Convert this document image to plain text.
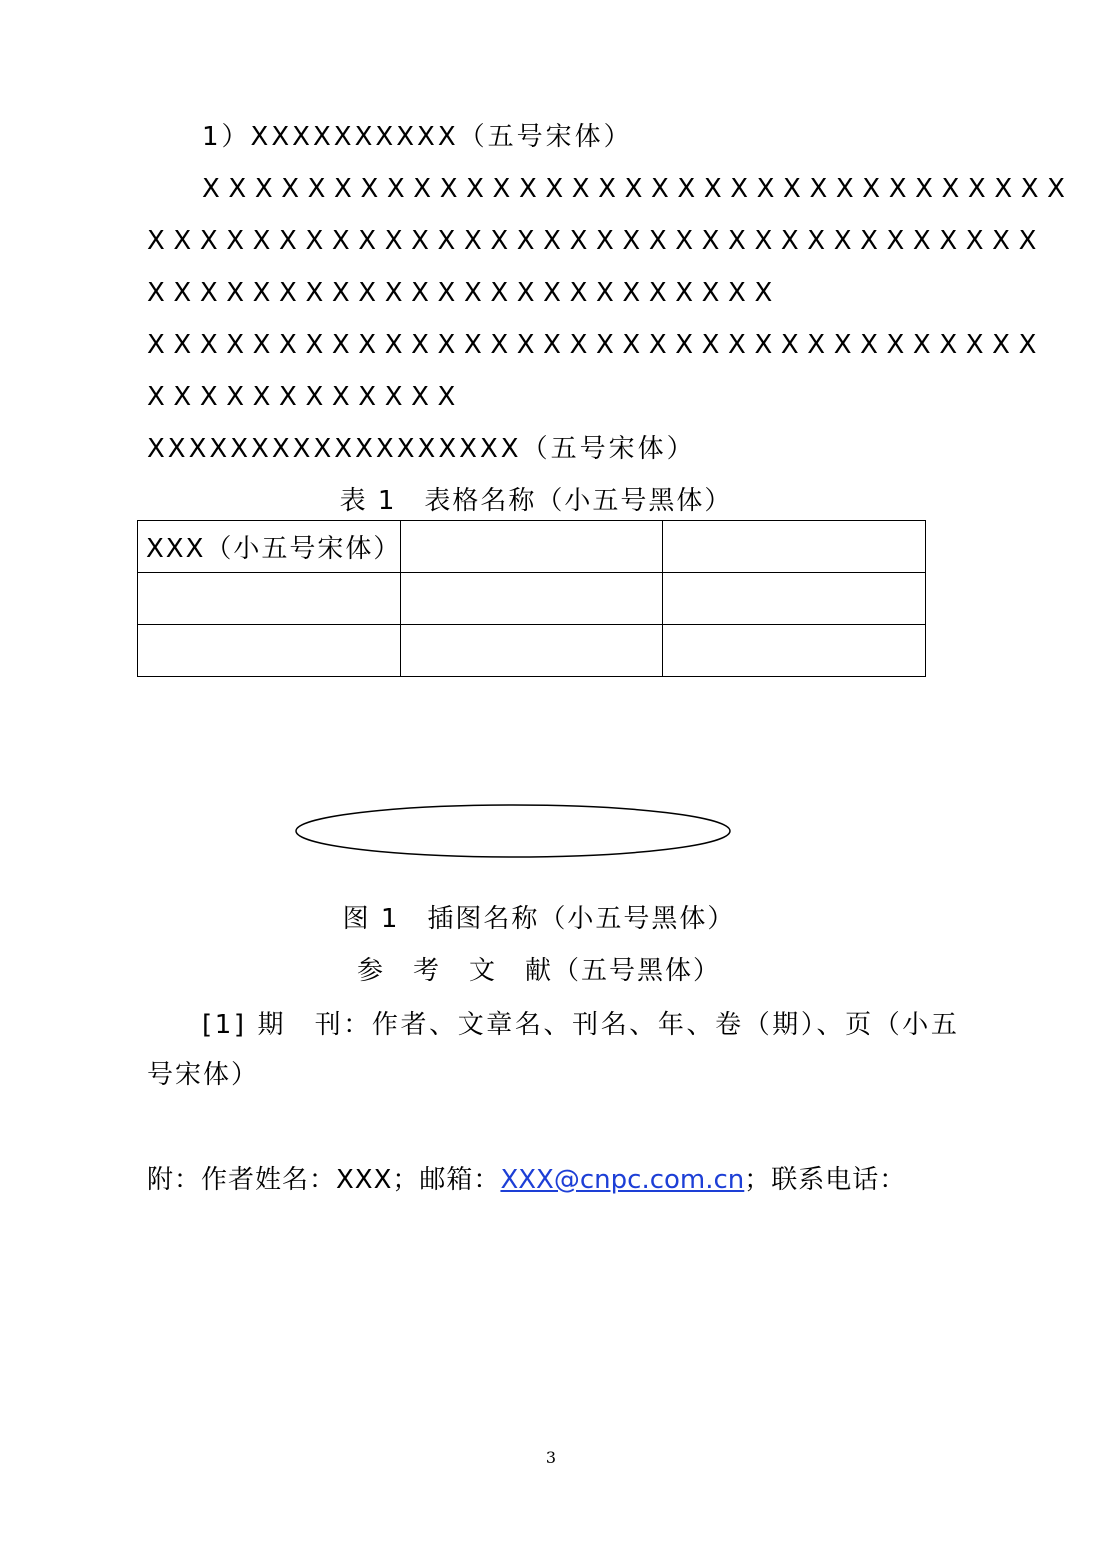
1）XXXXXXXXXX（五号宋体）
XXXXXXXXXXXXXXXXXXXXXXXXXXXXXXXXX
XXXXXXXXXXXXXXXXXXXXXXXXXXXXXXXXXX
XXXXXXXXXXXXXXXXXXXXXXXX
XXXXXXXXXXXXXXXXXXXXXXXXXXXXXXXXXX
XXXXXXXXXXXX
XXXXXXXXXXXXXXXXXX（五号宋体）
表 1　表格名称（小五号黑体）
XXX（小五号宋体）		

图 1　插图名称（小五号黑体）
参　考　文　献（五号黑体）
[1] 期　刊：作者、文章名、刊名、年、卷（期）、页（小五
号宋体）
附：作者姓名：XXX；邮箱：XXX@cnpc.com.cn；联系电话：
3
